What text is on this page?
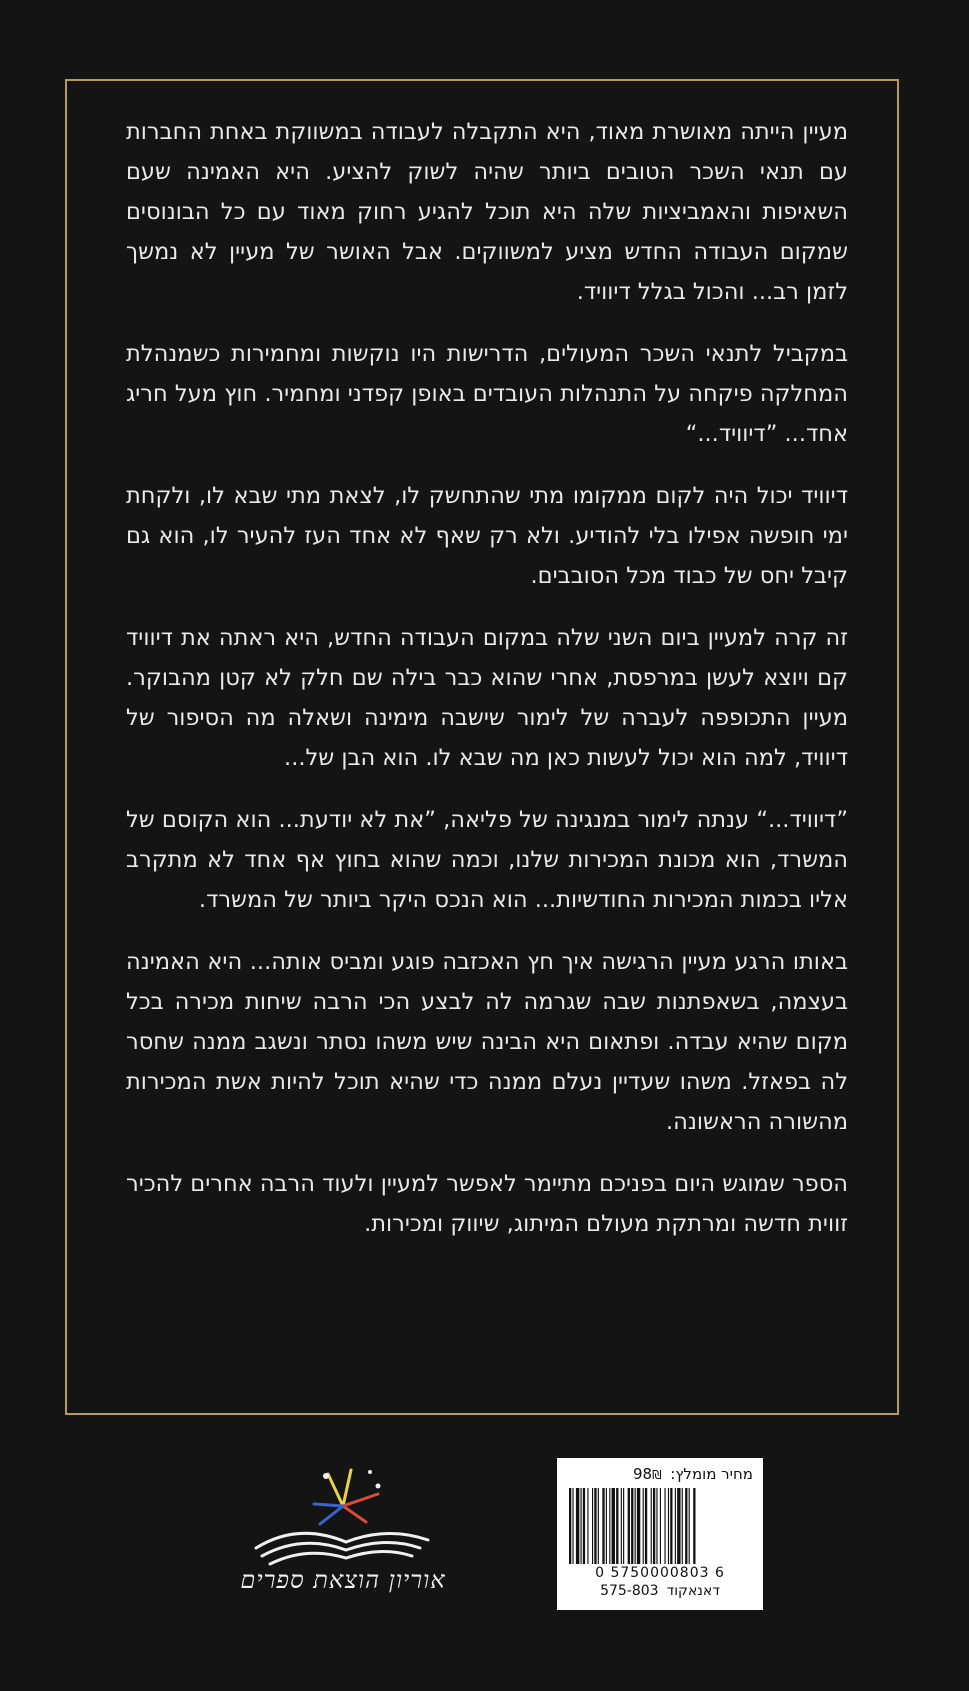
מעיין הייתה מאושרת מאוד, היא התקבלה לעבודה במשווקת באחת החברות עם תנאי השכר הטובים ביותר שהיה לשוק להציע. היא האמינה שעם השאיפות והאמביציות שלה היא תוכל להגיע רחוק מאוד עם כל הבונוסים שמקום העבודה החדש מציע למשווקים. אבל האושר של מעיין לא נמשך לזמן רב... והכול בגלל דיוויד.

במקביל לתנאי השכר המעולים, הדרישות היו נוקשות ומחמירות כשמנהלת המחלקה פיקחה על התנהלות העובדים באופן קפדני ומחמיר. חוץ מעל חריג אחד... ”דיוויד...“

דיוויד יכול היה לקום ממקומו מתי שהתחשק לו, לצאת מתי שבא לו, ולקחת ימי חופשה אפילו בלי להודיע. ולא רק שאף לא אחד העז להעיר לו, הוא גם קיבל יחס של כבוד מכל הסובבים.

זה קרה למעיין ביום השני שלה במקום העבודה החדש, היא ראתה את דיוויד קם ויוצא לעשן במרפסת, אחרי שהוא כבר בילה שם חלק לא קטן מהבוקר. מעיין התכופפה לעברה של לימור שישבה מימינה ושאלה מה הסיפור של דיוויד, למה הוא יכול לעשות כאן מה שבא לו. הוא הבן של...

”דיוויד...“ ענתה לימור במנגינה של פליאה, ”את לא יודעת... הוא הקוסם של המשרד, הוא מכונת המכירות שלנו, וכמה שהוא בחוץ אף אחד לא מתקרב אליו בכמות המכירות החודשיות... הוא הנכס היקר ביותר של המשרד.

באותו הרגע מעיין הרגישה איך חץ האכזבה פוגע ומביס אותה... היא האמינה בעצמה, בשאפתנות שבה שגרמה לה לבצע הכי הרבה שיחות מכירה בכל מקום שהיא עבדה. ופתאום היא הבינה שיש משהו נסתר ונשגב ממנה שחסר לה בפאזל. משהו שעדיין נעלם ממנה כדי שהיא תוכל להיות אשת המכירות מהשורה הראשונה.

הספר שמוגש היום בפניכם מתיימר לאפשר למעיין ולעוד הרבה אחרים להכיר זווית חדשה ומרתקת מעולם המיתוג, שיווק ומכירות.

אוריון הוצאת ספרים
מחיר מומלץ: 98₪
0 5750000803 6
דאנאקוד575-803
